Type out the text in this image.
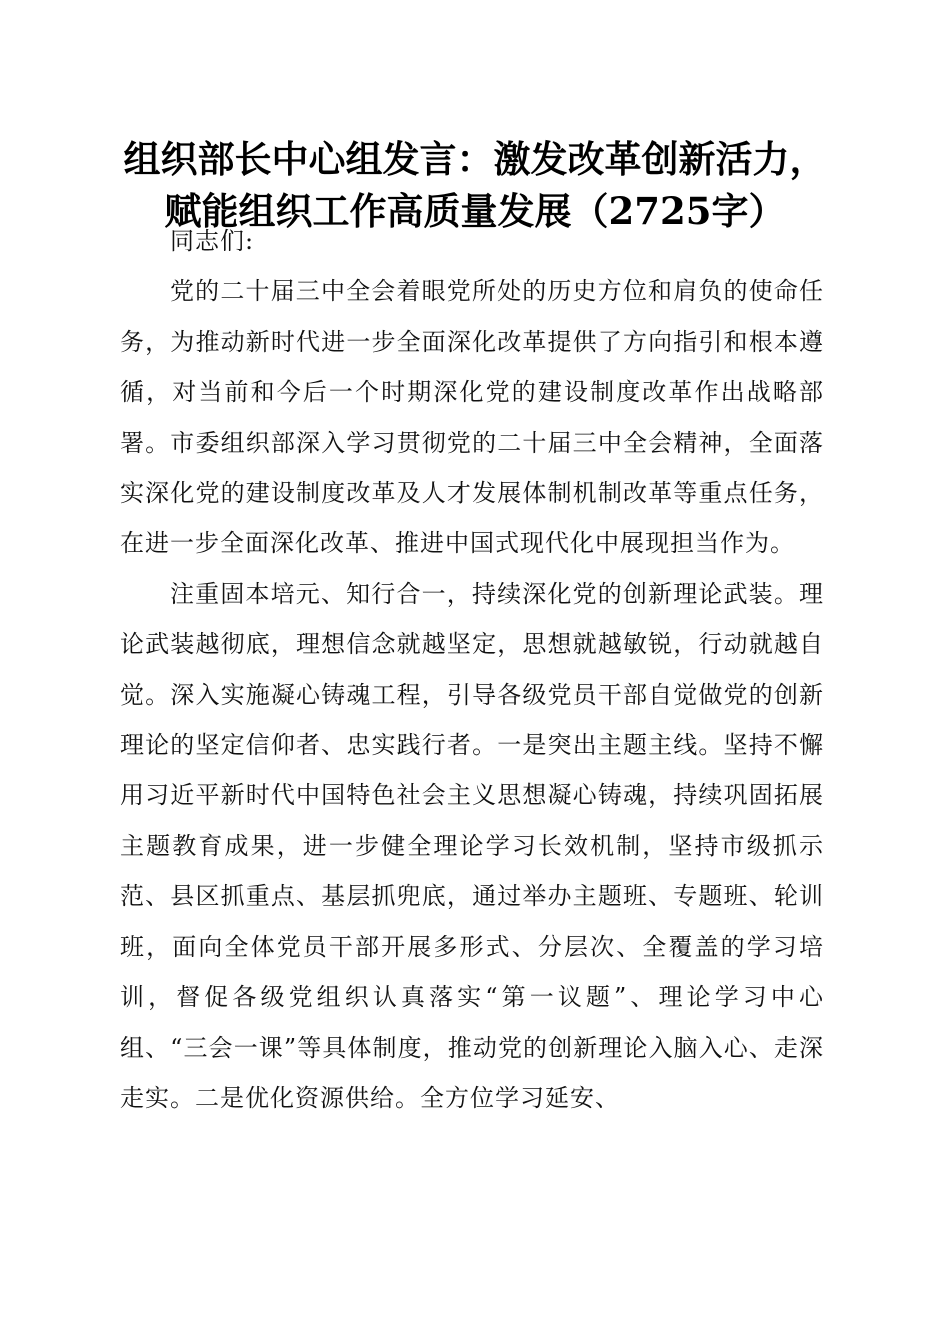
组织部长中心组发言：激发改革创新活力，赋能组织工作高质量发展（2725字）

同志们:

党的二十届三中全会着眼党所处的历史方位和肩负的使命任务，为推动新时代进一步全面深化改革提供了方向指引和根本遵循，对当前和今后一个时期深化党的建设制度改革作出战略部署。市委组织部深入学习贯彻党的二十届三中全会精神，全面落实深化党的建设制度改革及人才发展体制机制改革等重点任务，在进一步全面深化改革、推进中国式现代化中展现担当作为。

注重固本培元、知行合一，持续深化党的创新理论武装。理论武装越彻底，理想信念就越坚定，思想就越敏锐，行动就越自觉。深入实施凝心铸魂工程，引导各级党员干部自觉做党的创新理论的坚定信仰者、忠实践行者。一是突出主题主线。坚持不懈用习近平新时代中国特色社会主义思想凝心铸魂，持续巩固拓展主题教育成果，进一步健全理论学习长效机制，坚持市级抓示范、县区抓重点、基层抓兜底，通过举办主题班、专题班、轮训班，面向全体党员干部开展多形式、分层次、全覆盖的学习培训，督促各级党组织认真落实“第一议题”、理论学习中心组、“三会一课”等具体制度，推动党的创新理论入脑入心、走深走实。二是优化资源供给。全方位学习延安、
